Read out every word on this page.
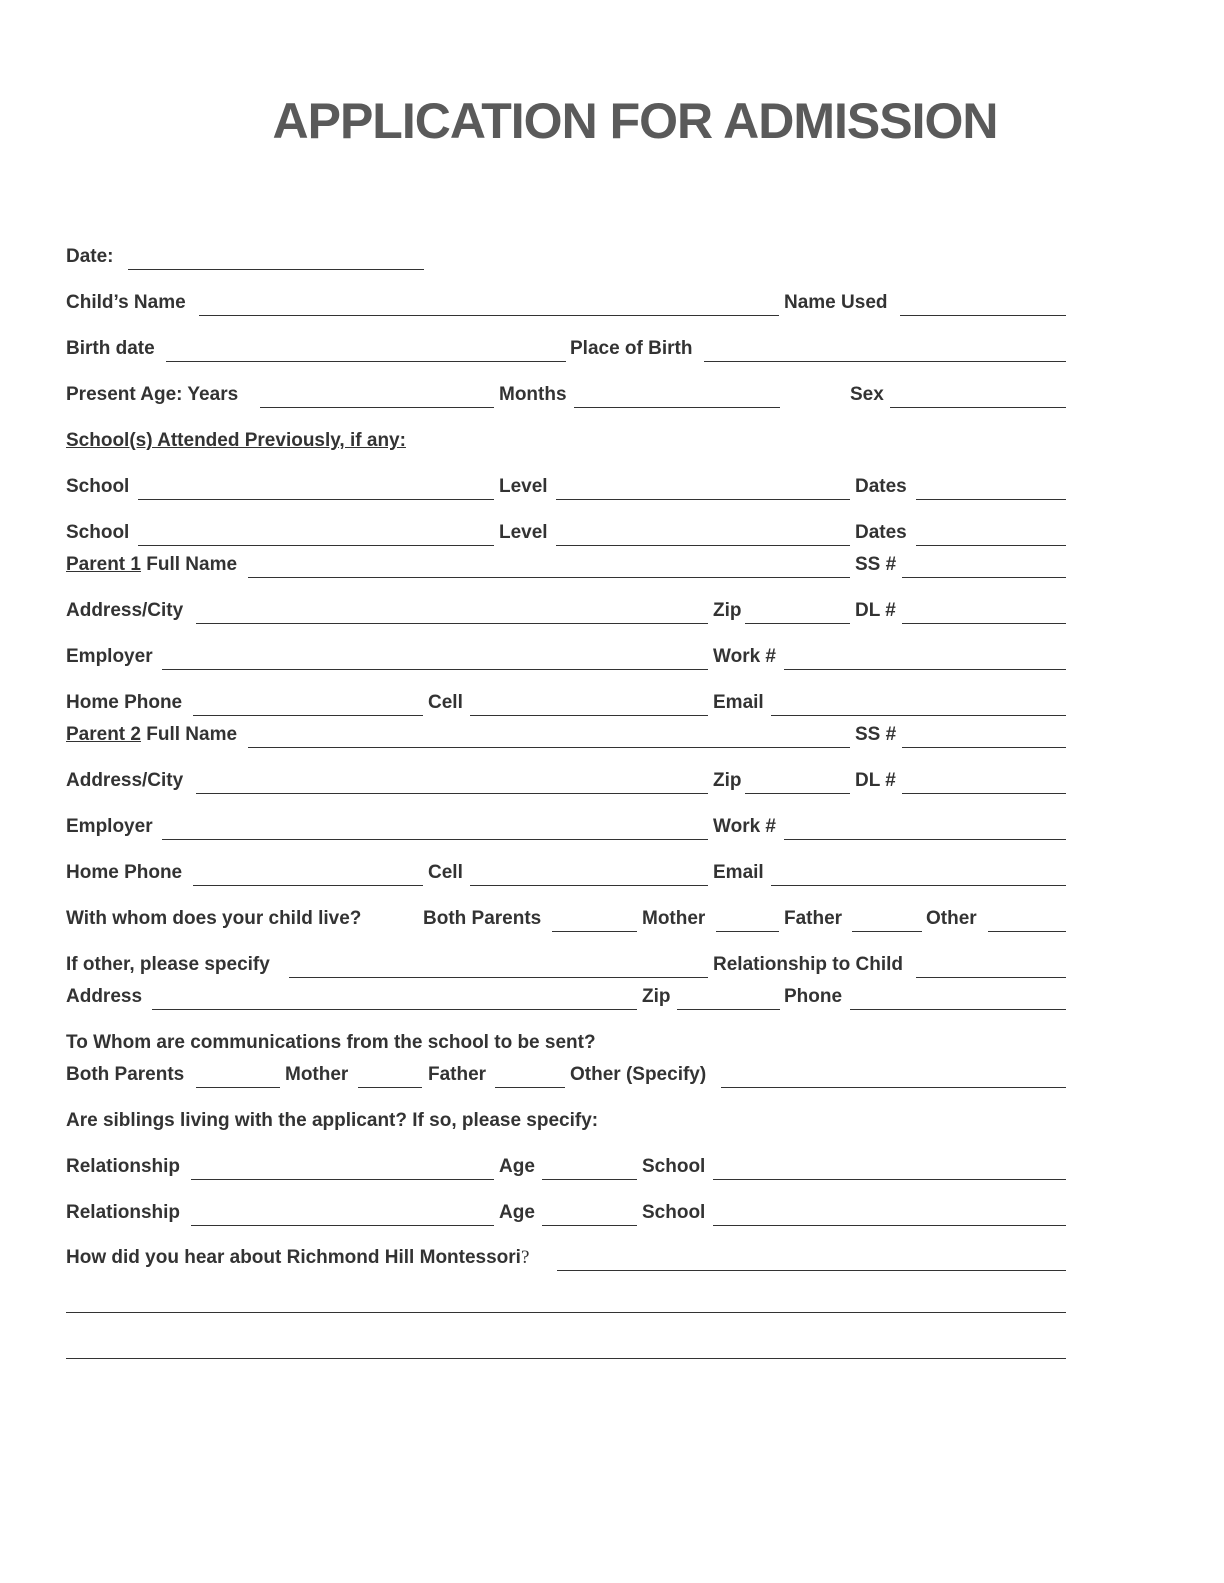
APPLICATION FOR ADMISSION
Date:
Child’s Name	Name Used
Birth date	Place of Birth
Present Age: Years	Months	Sex
School(s) Attended Previously, if any:
School	Level	Dates
School	Level	Dates
Parent 1 Full Name	SS #
Address/City	Zip	DL #
Employer	Work #
Home Phone	Cell	Email
Parent 2 Full Name	SS #
Address/City	Zip	DL #
Employer	Work #
Home Phone	Cell	Email
With whom does your child live?	Both Parents	Mother	Father	Other
If other, please specify	Relationship to Child
Address	Zip	Phone
To Whom are communications from the school to be sent?
Both Parents	Mother	Father	Other (Specify)
Are siblings living with the applicant? If so, please specify:
Relationship	Age	School
Relationship	Age	School
How did you hear about Richmond Hill Montessori?
